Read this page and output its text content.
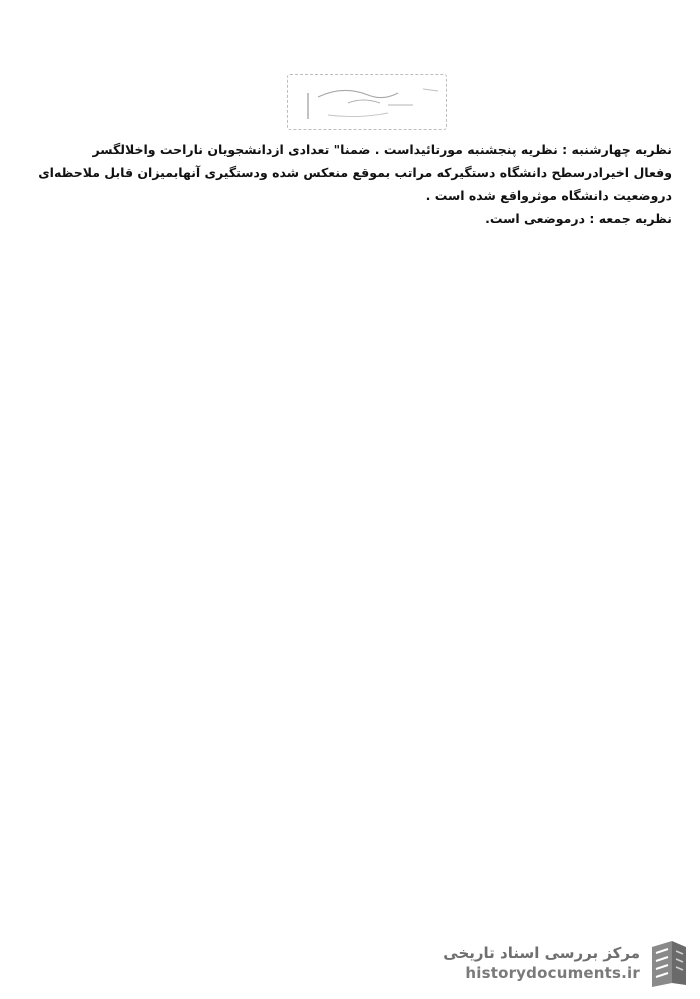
نظریه چهارشنبه : نظریه پنجشنبه مورتائیداست . ضمنا" تعدادی ازدانشجویان ناراحت واخلالگسر

وفعال اخیرادرسطح دانشگاه دستگیرکه مراتب بموقع منعکس شده ودستگیری آنهابمیزان قابل ملاحظه‌ای

دروضعیت دانشگاه موثرواقع شده است .

نظریه جمعه : درموضعی است.

مرکز بررسی اسناد تاریخی
historydocuments.ir
